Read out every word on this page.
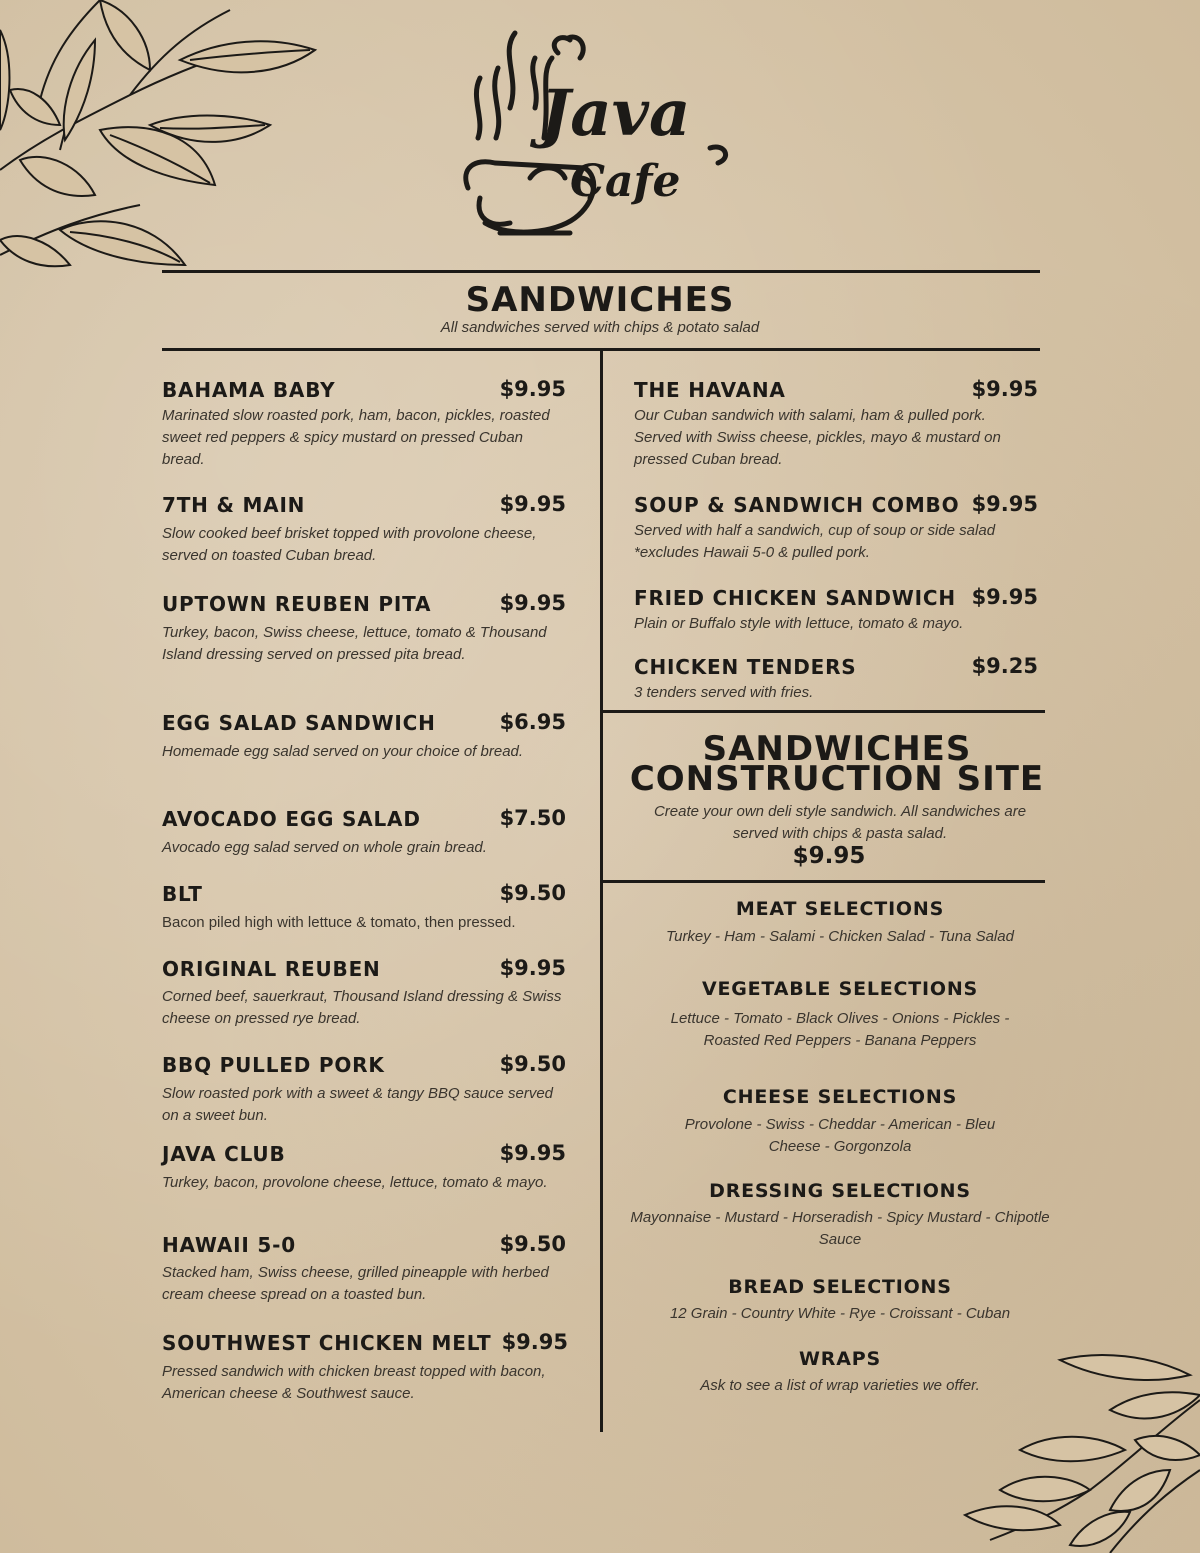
Java
Cafe
SANDWICHES
All sandwiches served with chips & potato salad
BAHAMA BABY	$9.95
Marinated slow roasted pork, ham, bacon, pickles, roasted sweet red peppers & spicy mustard on pressed Cuban bread.
7TH & MAIN	$9.95
Slow cooked beef brisket topped with provolone cheese, served on toasted Cuban bread.
UPTOWN REUBEN PITA	$9.95
Turkey, bacon, Swiss cheese, lettuce, tomato & Thousand Island dressing served on pressed pita bread.
EGG SALAD SANDWICH	$6.95
Homemade egg salad served on your choice of bread.
AVOCADO EGG SALAD	$7.50
Avocado egg salad served on whole grain bread.
BLT	$9.50
Bacon piled high with lettuce & tomato, then pressed.
ORIGINAL REUBEN	$9.95
Corned beef, sauerkraut, Thousand Island dressing & Swiss cheese on pressed rye bread.
BBQ PULLED PORK	$9.50
Slow roasted pork with a sweet & tangy BBQ sauce served on a sweet bun.
JAVA CLUB	$9.95
Turkey, bacon, provolone cheese, lettuce, tomato & mayo.
HAWAII 5-0	$9.50
Stacked ham, Swiss cheese, grilled pineapple with herbed cream cheese spread on a toasted bun.
SOUTHWEST CHICKEN MELT $9.95
Pressed sandwich with chicken breast topped with bacon, American cheese & Southwest sauce.
THE HAVANA	$9.95
Our Cuban sandwich with salami, ham & pulled pork. Served with Swiss cheese, pickles, mayo & mustard on pressed Cuban bread.
SOUP & SANDWICH COMBO $9.95
Served with half a sandwich, cup of soup or side salad *excludes Hawaii 5-0 & pulled pork.
FRIED CHICKEN SANDWICH $9.95
Plain or Buffalo style with lettuce, tomato & mayo.
CHICKEN TENDERS	$9.25
3 tenders served with fries.
SANDWICHES
CONSTRUCTION SITE
Create your own deli style sandwich. All sandwiches are served with chips & pasta salad.
$9.95
MEAT SELECTIONS
Turkey - Ham - Salami - Chicken Salad - Tuna Salad
VEGETABLE SELECTIONS
Lettuce - Tomato - Black Olives - Onions - Pickles - Roasted Red Peppers - Banana Peppers
CHEESE SELECTIONS
Provolone - Swiss - Cheddar - American - Bleu Cheese - Gorgonzola
DRESSING SELECTIONS
Mayonnaise - Mustard - Horseradish - Spicy Mustard - Chipotle Sauce
BREAD SELECTIONS
12 Grain - Country White - Rye - Croissant - Cuban
WRAPS
Ask to see a list of wrap varieties we offer.
